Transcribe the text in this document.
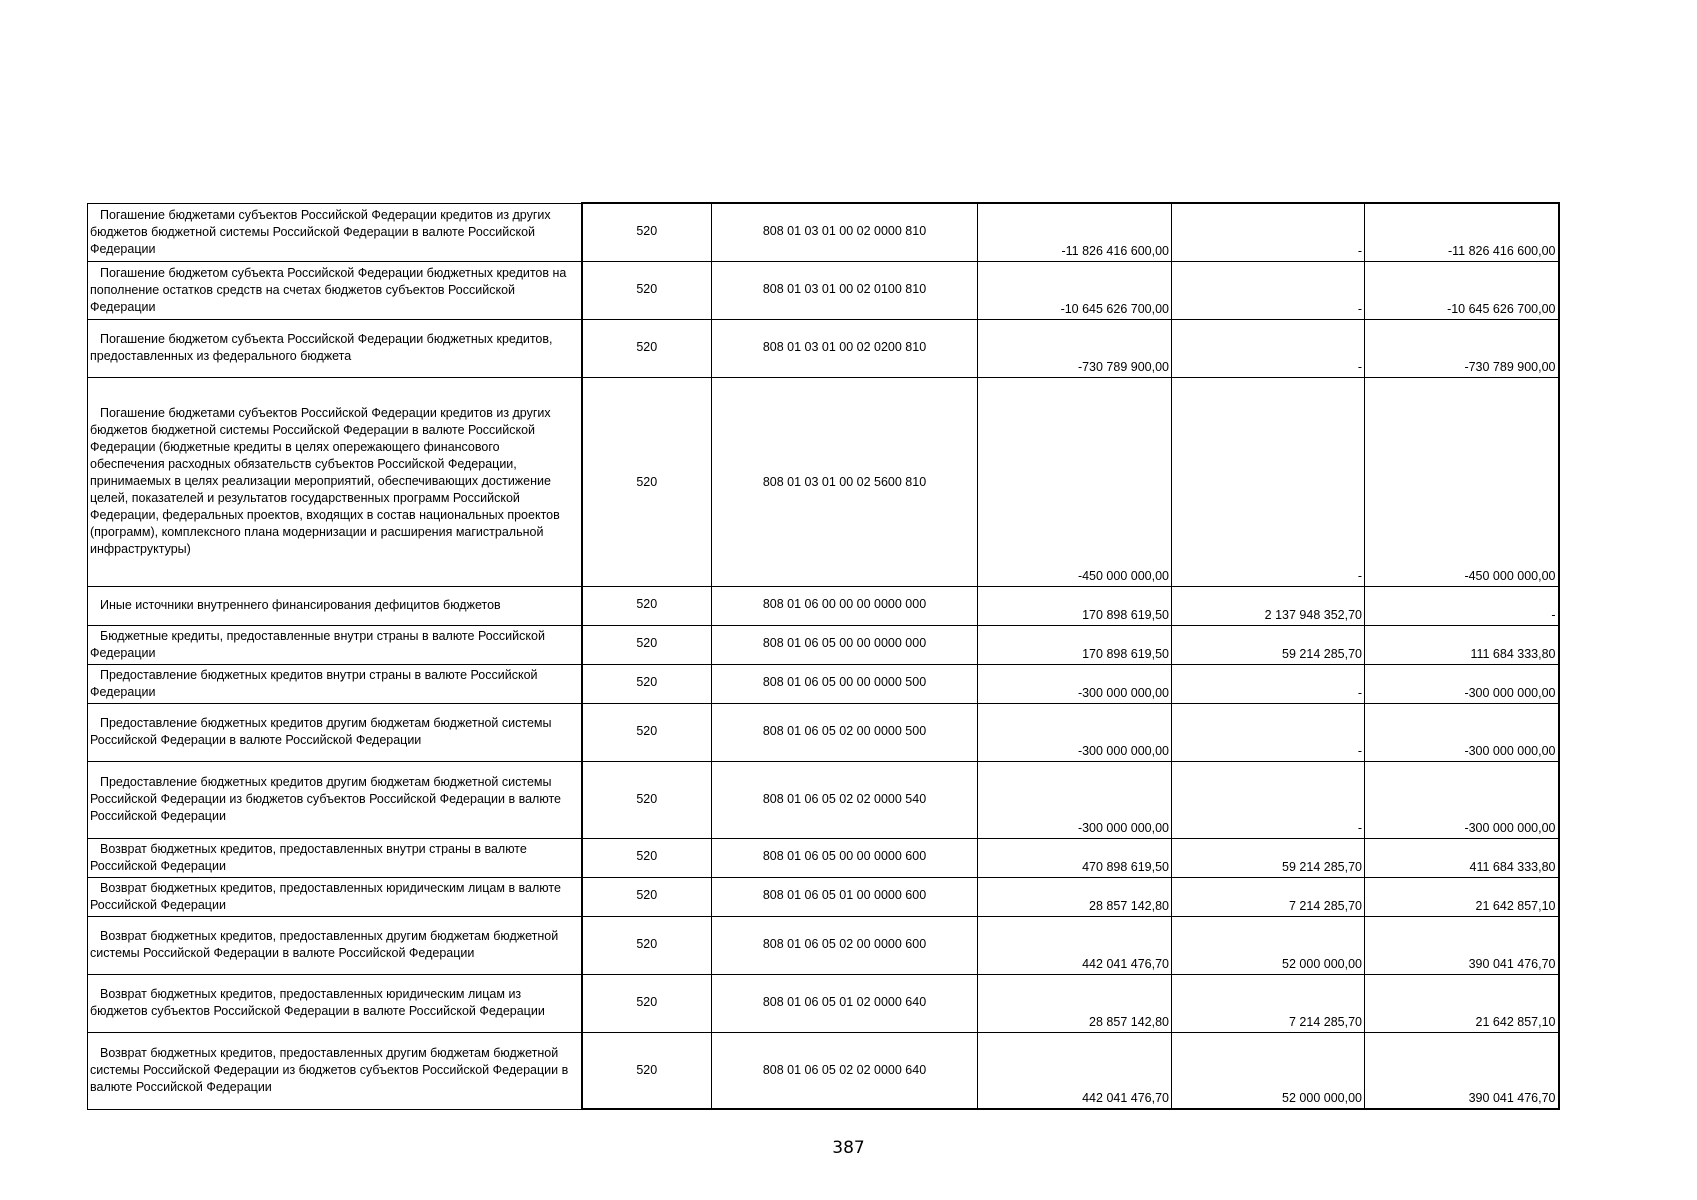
Погашение бюджетами субъектов Российской Федерации кредитов из других бюджетов бюджетной системы Российской Федерации в валюте Российской Федерации	520	808 01 03 01 00 02 0000 810	-11 826 416 600,00	-	-11 826 416 600,00
Погашение бюджетом субъекта Российской Федерации бюджетных кредитов на пополнение остатков средств на счетах бюджетов субъектов Российской Федерации	520	808 01 03 01 00 02 0100 810	-10 645 626 700,00	-	-10 645 626 700,00
Погашение бюджетом субъекта Российской Федерации бюджетных кредитов, предоставленных из федерального бюджета	520	808 01 03 01 00 02 0200 810	-730 789 900,00	-	-730 789 900,00
Погашение бюджетами субъектов Российской Федерации кредитов из других бюджетов бюджетной системы Российской Федерации в валюте Российской Федерации (бюджетные кредиты в целях опережающего финансового обеспечения расходных обязательств субъектов Российской Федерации, принимаемых в целях реализации мероприятий, обеспечивающих достижение целей, показателей и результатов государственных программ Российской Федерации, федеральных проектов, входящих в состав национальных проектов (программ), комплексного плана модернизации и расширения магистральной инфраструктуры)	520	808 01 03 01 00 02 5600 810	-450 000 000,00	-	-450 000 000,00
Иные источники внутреннего финансирования дефицитов бюджетов	520	808 01 06 00 00 00 0000 000	170 898 619,50	2 137 948 352,70	-
Бюджетные кредиты, предоставленные внутри страны в валюте Российской Федерации	520	808 01 06 05 00 00 0000 000	170 898 619,50	59 214 285,70	111 684 333,80
Предоставление бюджетных кредитов внутри страны в валюте Российской Федерации	520	808 01 06 05 00 00 0000 500	-300 000 000,00	-	-300 000 000,00
Предоставление бюджетных кредитов другим бюджетам бюджетной системы Российской Федерации в валюте Российской Федерации	520	808 01 06 05 02 00 0000 500	-300 000 000,00	-	-300 000 000,00
Предоставление бюджетных кредитов другим бюджетам бюджетной системы Российской Федерации из бюджетов субъектов Российской Федерации в валюте Российской Федерации	520	808 01 06 05 02 02 0000 540	-300 000 000,00	-	-300 000 000,00
Возврат бюджетных кредитов, предоставленных внутри страны в валюте Российской Федерации	520	808 01 06 05 00 00 0000 600	470 898 619,50	59 214 285,70	411 684 333,80
Возврат бюджетных кредитов, предоставленных юридическим лицам в валюте Российской Федерации	520	808 01 06 05 01 00 0000 600	28 857 142,80	7 214 285,70	21 642 857,10
Возврат бюджетных кредитов, предоставленных другим бюджетам бюджетной системы Российской Федерации в валюте Российской Федерации	520	808 01 06 05 02 00 0000 600	442 041 476,70	52 000 000,00	390 041 476,70
Возврат бюджетных кредитов, предоставленных юридическим лицам из бюджетов субъектов Российской Федерации в валюте Российской Федерации	520	808 01 06 05 01 02 0000 640	28 857 142,80	7 214 285,70	21 642 857,10
Возврат бюджетных кредитов, предоставленных другим бюджетам бюджетной системы Российской Федерации из бюджетов субъектов Российской Федерации в валюте Российской Федерации	520	808 01 06 05 02 02 0000 640	442 041 476,70	52 000 000,00	390 041 476,70
387
